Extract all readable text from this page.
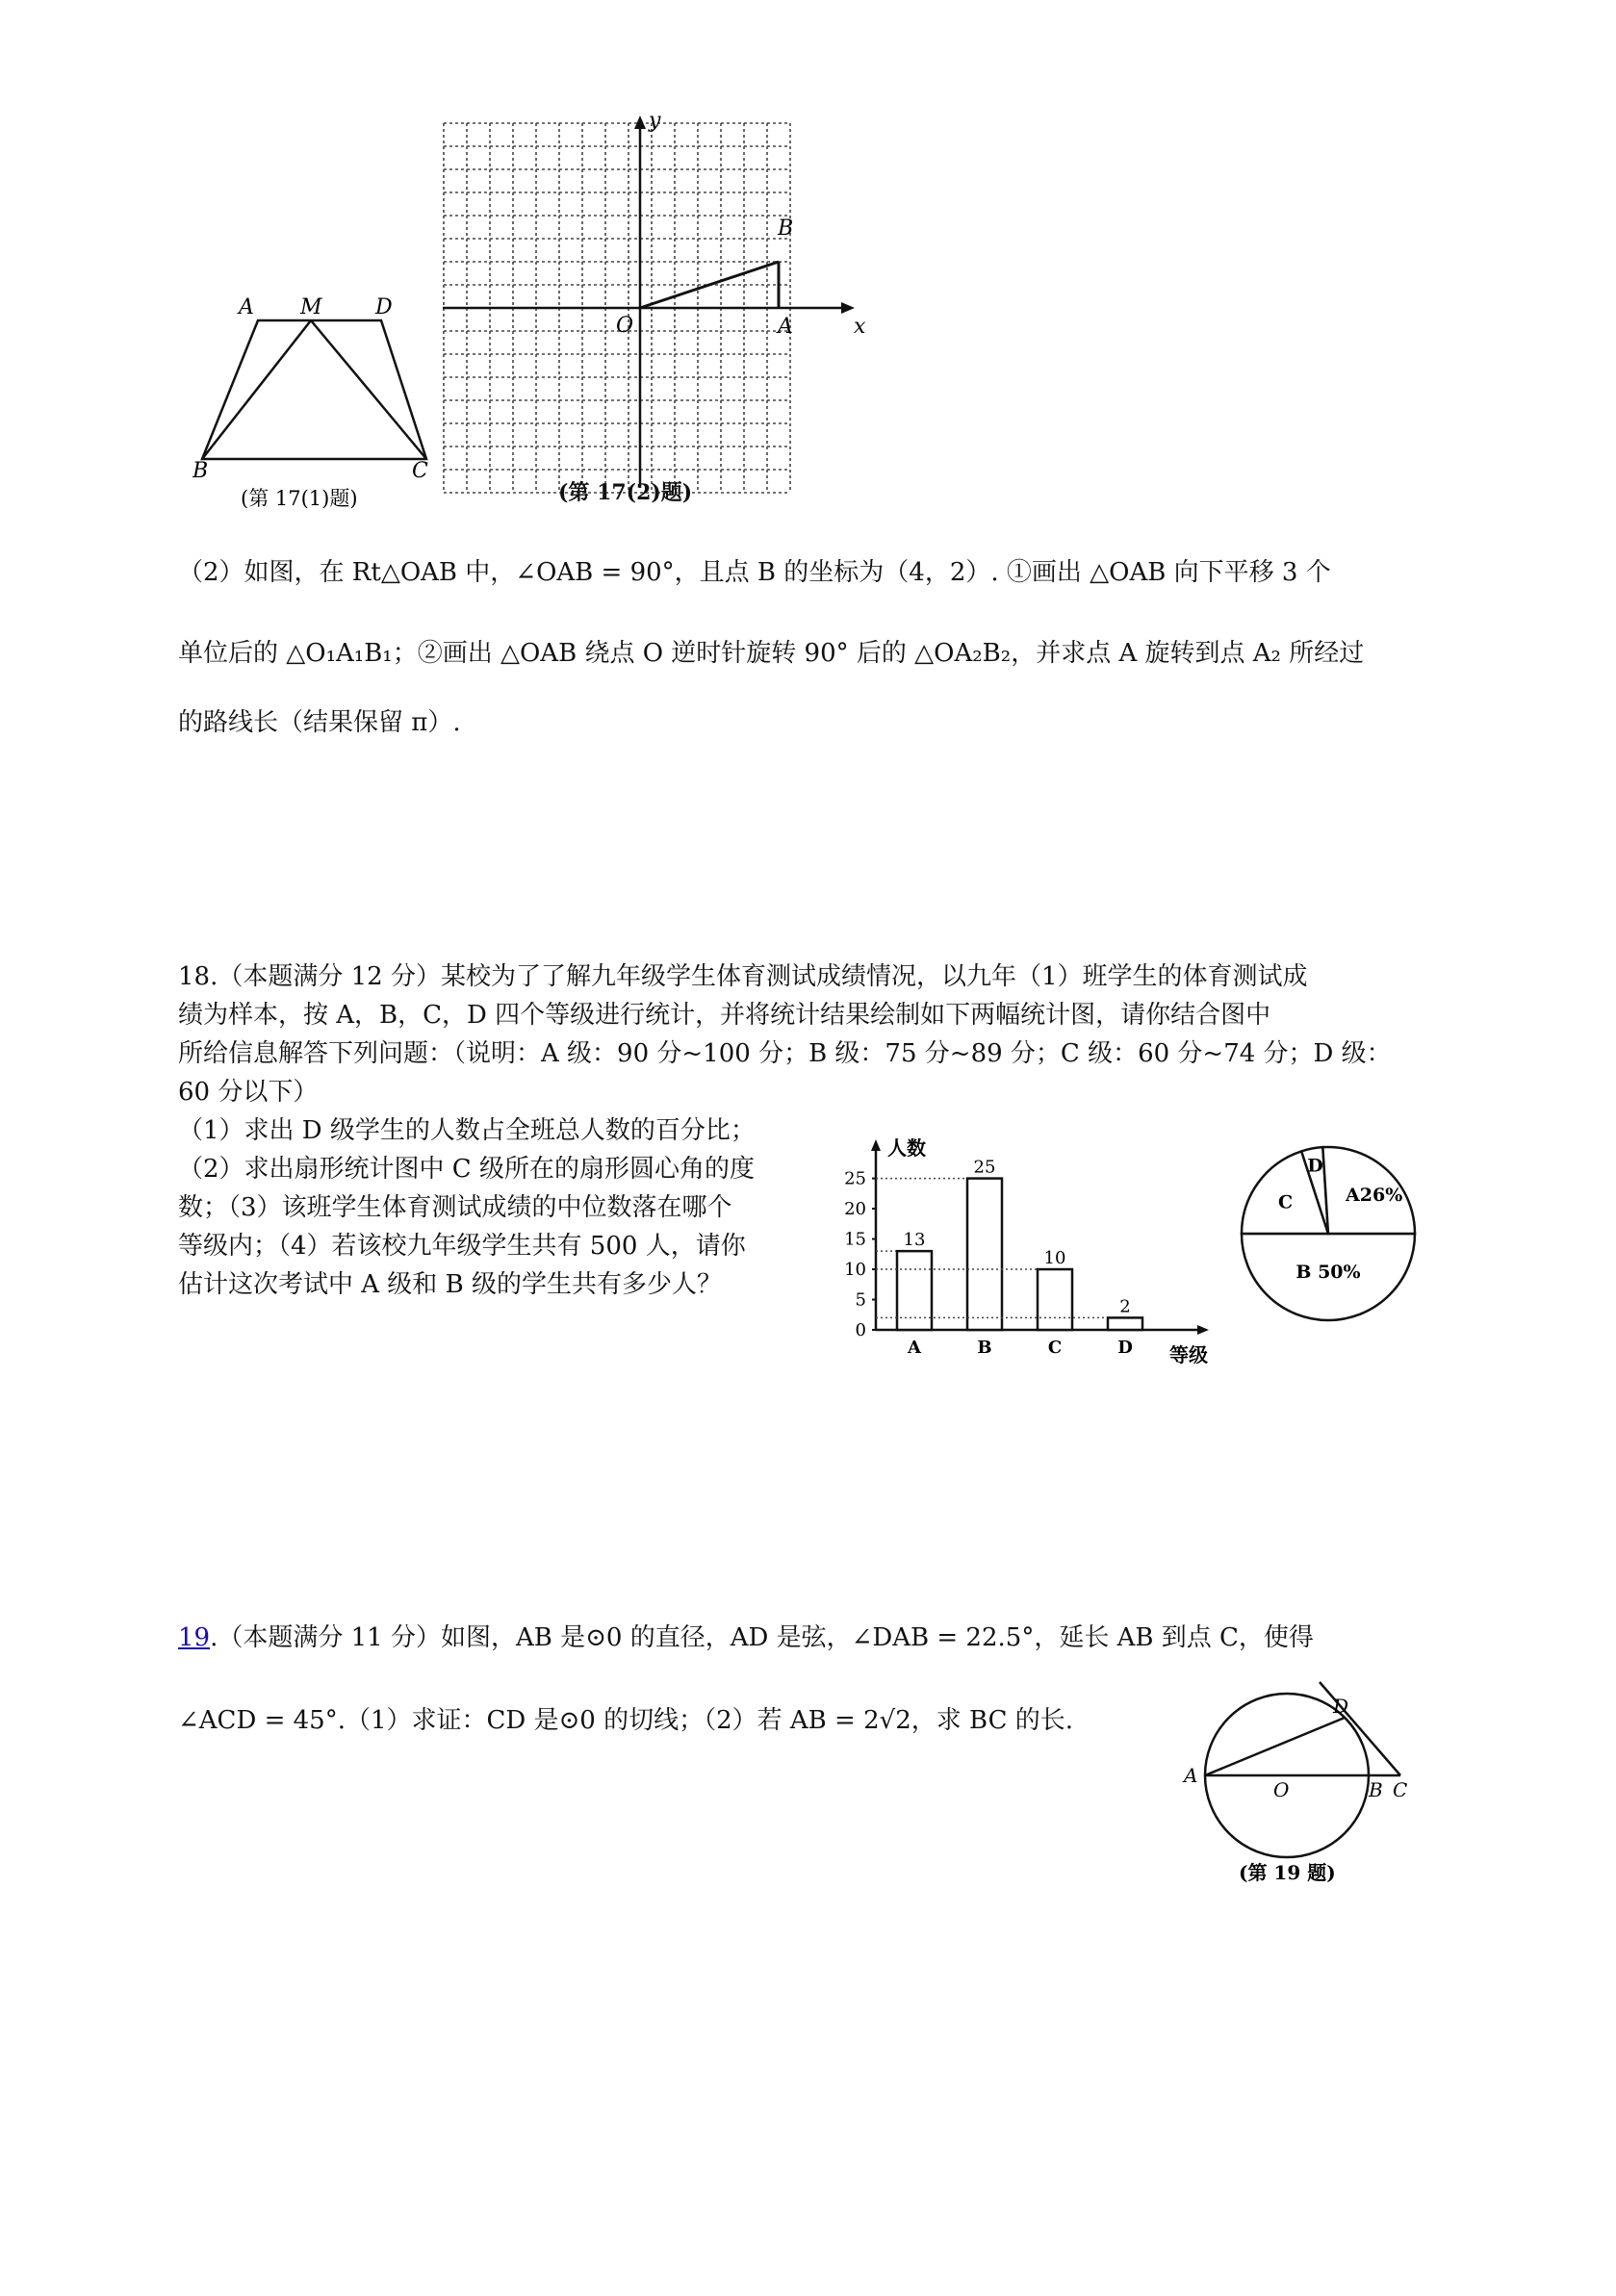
A M	D
B	C
(第 17(1)题)
x
y
O	A
B
(第 17(2)题)
（2）如图，在 Rt△OAB 中，∠OAB = 90°，且点 B 的坐标为（4，2）. ①画出 △OAB 向下平移 3 个
单位后的 △O₁A₁B₁；②画出 △OAB 绕点 O 逆时针旋转 90° 后的 △OA₂B₂，并求点 A 旋转到点 A₂ 所经过
的路线长（结果保留 π）.
18.（本题满分 12 分）某校为了了解九年级学生体育测试成绩情况，以九年（1）班学生的体育测试成
绩为样本，按 A，B，C，D 四个等级进行统计，并将统计结果绘制如下两幅统计图，请你结合图中
所给信息解答下列问题：（说明：A 级：90 分~100 分；B 级：75 分~89 分；C 级：60 分~74 分；D 级：
60 分以下）
（1）求出 D 级学生的人数占全班总人数的百分比；
（2）求出扇形统计图中 C 级所在的扇形圆心角的度
数；（3）该班学生体育测试成绩的中位数落在哪个
等级内；（4）若该校九年级学生共有 500 人，请你
估计这次考试中 A 级和 B 级的学生共有多少人？
人数
等级
0
5
10
15
20
25
13
A
25
B
10
C
2
D
B 50%
C
D
A26%
19.（本题满分 11 分）如图，AB 是⊙0 的直径，AD 是弦，∠DAB = 22.5°，延长 AB 到点 C，使得
∠ACD = 45°.（1）求证：CD 是⊙0 的切线；（2）若 AB = 2√2，求 BC 的长.
A
O	B C
D
(第 19 题)
